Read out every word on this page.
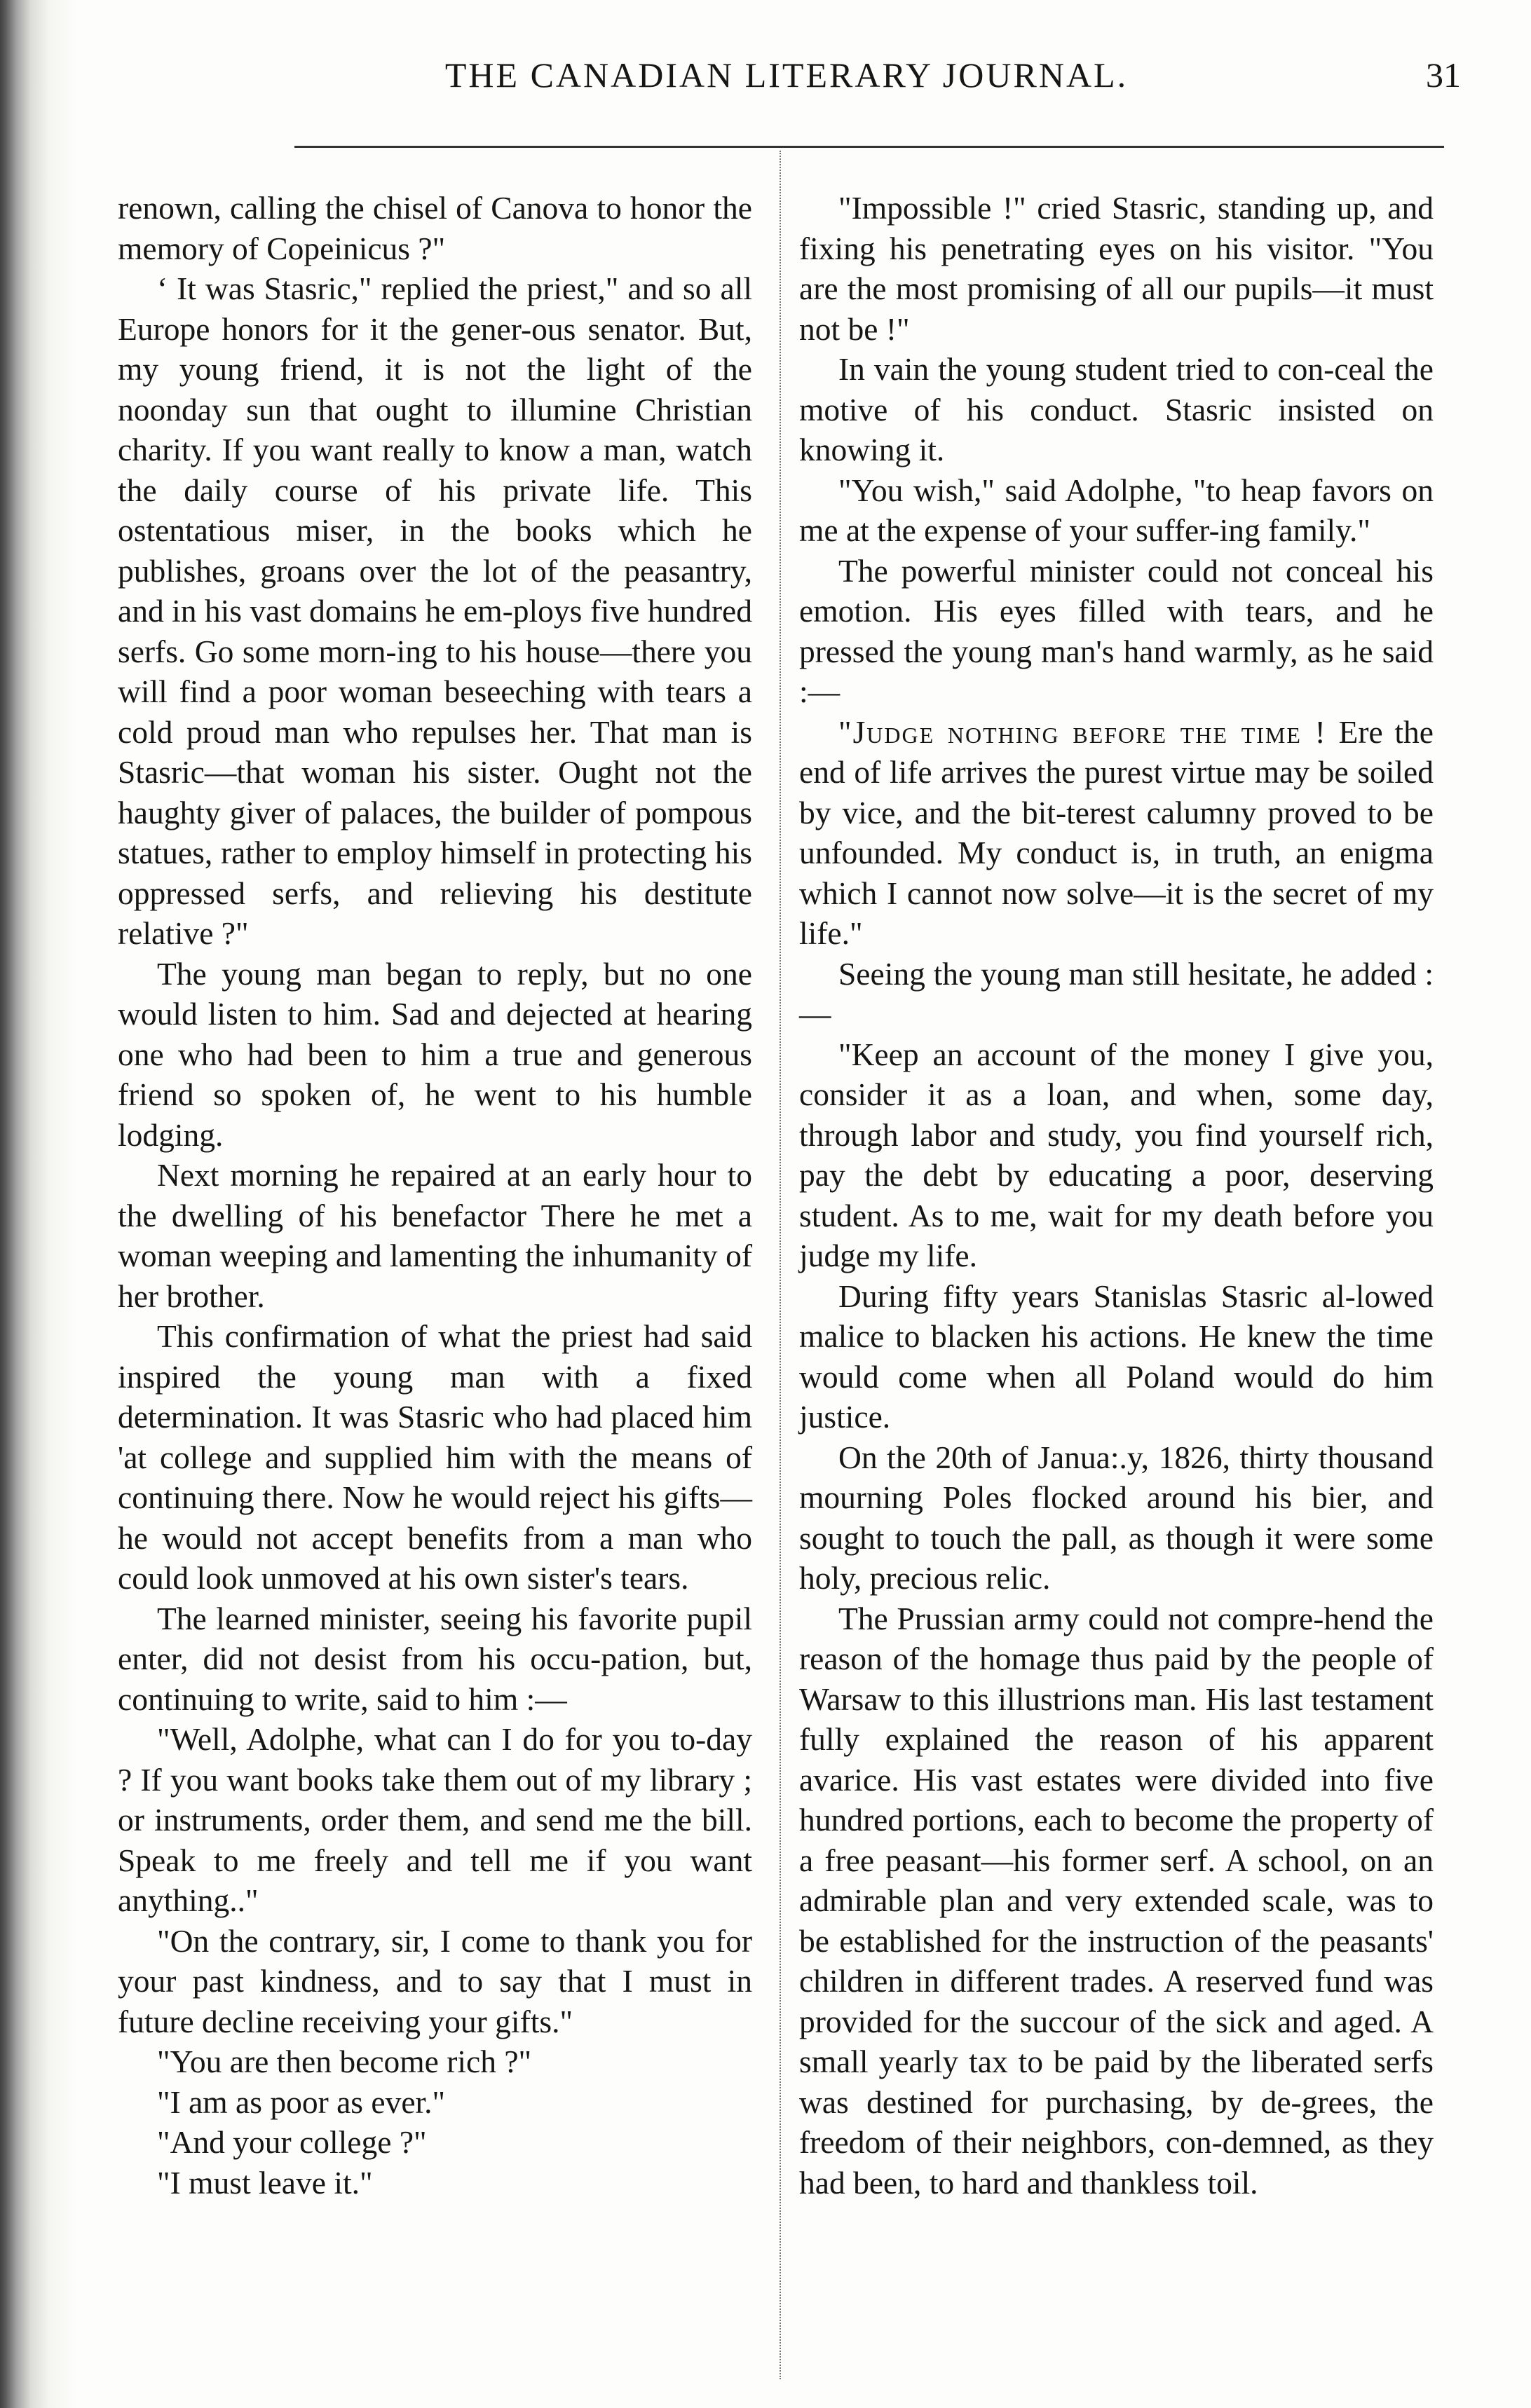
THE CANADIAN LITERARY JOURNAL.	31

renown, calling the chisel of Canova to honor the memory of Copeinicus ?"

‘ It was Stasric," replied the priest," and so all Europe honors for it the gener-ous senator. But, my young friend, it is not the light of the noonday sun that ought to illumine Christian charity. If you want really to know a man, watch the daily course of his private life. This ostentatious miser, in the books which he publishes, groans over the lot of the peasantry, and in his vast domains he em-ploys five hundred serfs. Go some morn-ing to his house—there you will find a poor woman beseeching with tears a cold proud man who repulses her. That man is Stasric—that woman his sister. Ought not the haughty giver of palaces, the builder of pompous statues, rather to employ himself in protecting his oppressed serfs, and relieving his destitute relative ?"

The young man began to reply, but no one would listen to him. Sad and dejected at hearing one who had been to him a true and generous friend so spoken of, he went to his humble lodging.

Next morning he repaired at an early hour to the dwelling of his benefactor There he met a woman weeping and lamenting the inhumanity of her brother.

This confirmation of what the priest had said inspired the young man with a fixed determination. It was Stasric who had placed him 'at college and supplied him with the means of continuing there. Now he would reject his gifts—he would not accept benefits from a man who could look unmoved at his own sister's tears.

The learned minister, seeing his favorite pupil enter, did not desist from his occu-pation, but, continuing to write, said to him :—

"Well, Adolphe, what can I do for you to-day ? If you want books take them out of my library ; or instruments, order them, and send me the bill. Speak to me freely and tell me if you want anything.."

"On the contrary, sir, I come to thank you for your past kindness, and to say that I must in future decline receiving your gifts."

"You are then become rich ?"

"I am as poor as ever."

"And your college ?"

"I must leave it."

"Impossible !" cried Stasric, standing up, and fixing his penetrating eyes on his visitor. "You are the most promising of all our pupils—it must not be !"

In vain the young student tried to con-ceal the motive of his conduct. Stasric insisted on knowing it.

"You wish," said Adolphe, "to heap favors on me at the expense of your suffer-ing family."

The powerful minister could not conceal his emotion. His eyes filled with tears, and he pressed the young man's hand warmly, as he said :—

"Judge nothing before the time ! Ere the end of life arrives the purest virtue may be soiled by vice, and the bit-terest calumny proved to be unfounded. My conduct is, in truth, an enigma which I cannot now solve—it is the secret of my life."

Seeing the young man still hesitate, he added :—

"Keep an account of the money I give you, consider it as a loan, and when, some day, through labor and study, you find yourself rich, pay the debt by educating a poor, deserving student. As to me, wait for my death before you judge my life.

During fifty years Stanislas Stasric al-lowed malice to blacken his actions. He knew the time would come when all Poland would do him justice.

On the 20th of Janua:.y, 1826, thirty thousand mourning Poles flocked around his bier, and sought to touch the pall, as though it were some holy, precious relic.

The Prussian army could not compre-hend the reason of the homage thus paid by the people of Warsaw to this illustrions man. His last testament fully explained the reason of his apparent avarice. His vast estates were divided into five hundred portions, each to become the property of a free peasant—his former serf. A school, on an admirable plan and very extended scale, was to be established for the instruction of the peasants' children in different trades. A reserved fund was provided for the succour of the sick and aged. A small yearly tax to be paid by the liberated serfs was destined for purchasing, by de-grees, the freedom of their neighbors, con-demned, as they had been, to hard and thankless toil.
